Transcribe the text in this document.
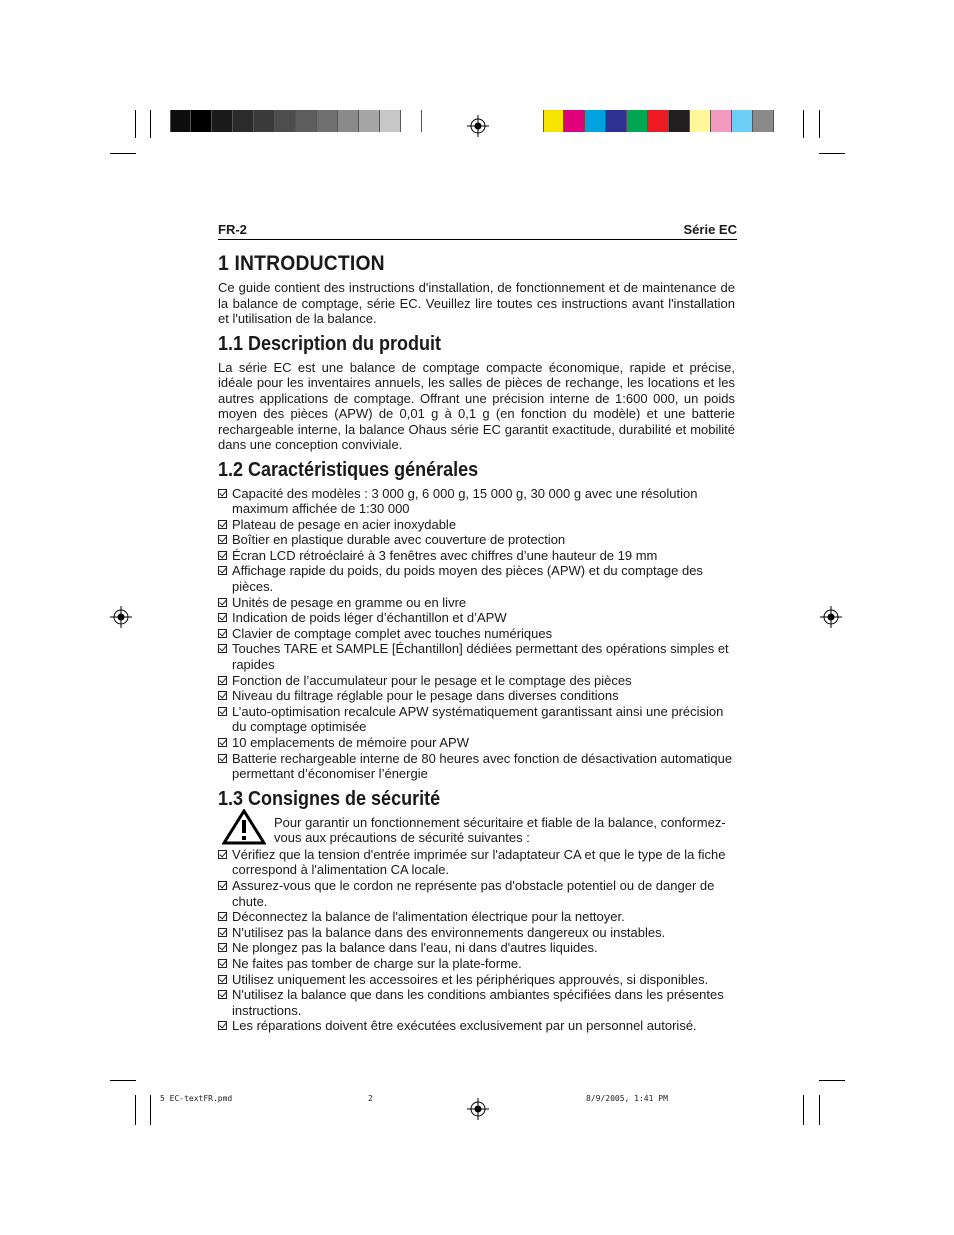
FR-2	Série EC
1 INTRODUCTION

Ce guide contient des instructions d'installation, de fonctionnement et de maintenance de la balance de comptage, série EC. Veuillez lire toutes ces instructions avant l'installation et l'utilisation de la balance.

1.1 Description du produit

La série EC est une balance de comptage compacte économique, rapide et précise, idéale pour les inventaires annuels, les salles de pièces de rechange, les locations et les autres applications de comptage. Offrant une précision interne de 1:600 000, un poids moyen des pièces (APW) de 0,01 g à 0,1 g (en fonction du modèle) et une batterie rechargeable interne, la balance Ohaus série EC garantit exactitude, durabilité et mobilité dans une conception conviviale.

1.2 Caractéristiques générales
Capacité des modèles : 3 000 g, 6 000 g, 15 000 g, 30 000 g avec une résolution maximum affichée de 1:30 000
Plateau de pesage en acier inoxydable
Boîtier en plastique durable avec couverture de protection
Écran LCD rétroéclairé à 3 fenêtres avec chiffres d’une hauteur de 19 mm
Affichage rapide du poids, du poids moyen des pièces (APW) et du comptage des pièces.
Unités de pesage en gramme ou en livre
Indication de poids léger d’échantillon et d’APW
Clavier de comptage complet avec touches numériques
Touches TARE et SAMPLE [Échantillon] dédiées permettant des opérations simples et rapides
Fonction de l’accumulateur pour le pesage et le comptage des pièces
Niveau du filtrage réglable pour le pesage dans diverses conditions
L’auto-optimisation recalcule APW systématiquement garantissant ainsi une précision du comptage optimisée
10 emplacements de mémoire pour APW
Batterie rechargeable interne de 80 heures avec fonction de désactivation automatique permettant d’économiser l’énergie
1.3 Consignes de sécurité
Pour garantir un fonctionnement sécuritaire et fiable de la balance, conformez-vous aux précautions de sécurité suivantes :
Vérifiez que la tension d'entrée imprimée sur l'adaptateur CA et que le type de la fiche correspond à l'alimentation CA locale.
Assurez-vous que le cordon ne représente pas d'obstacle potentiel ou de danger de chute.
Déconnectez la balance de l'alimentation électrique pour la nettoyer.
N'utilisez pas la balance dans des environnements dangereux ou instables.
Ne plongez pas la balance dans l'eau, ni dans d'autres liquides.
Ne faites pas tomber de charge sur la plate-forme.
Utilisez uniquement les accessoires et les périphériques approuvés, si disponibles.
N'utilisez la balance que dans les conditions ambiantes spécifiées dans les présentes instructions.
Les réparations doivent être exécutées exclusivement par un personnel autorisé.
5 EC-textFR.pmd	2	8/9/2005, 1:41 PM
